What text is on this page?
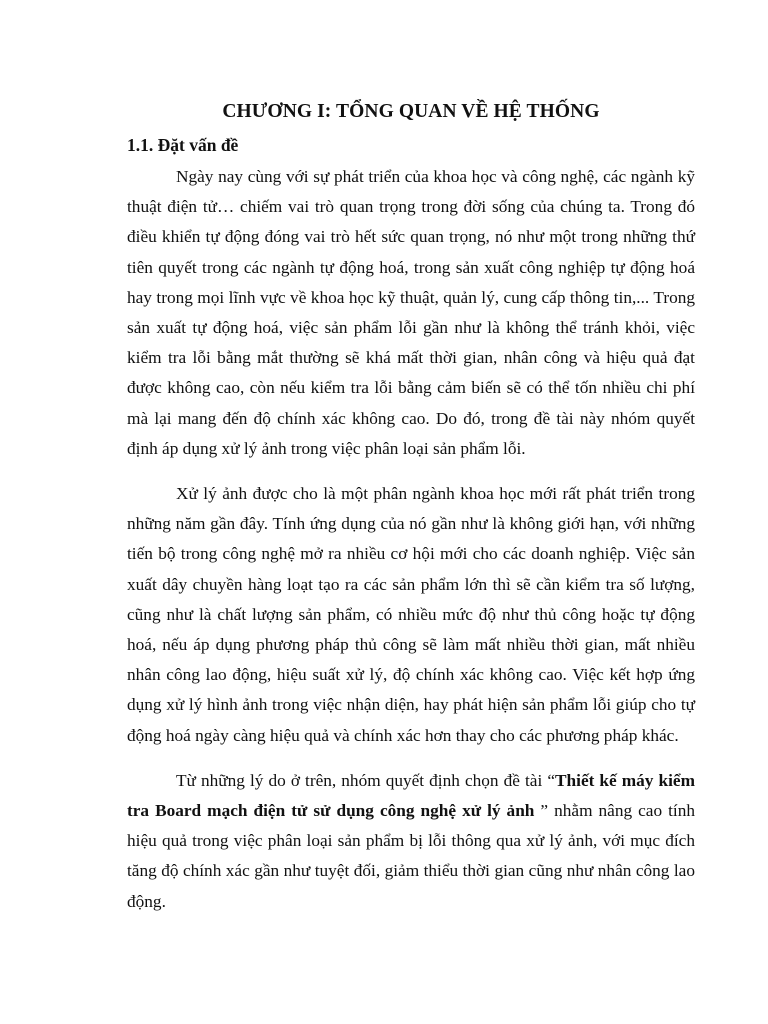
CHƯƠNG I: TỔNG QUAN VỀ HỆ THỐNG
1.1. Đặt vấn đề

Ngày nay cùng với sự phát triển của khoa học và công nghệ, các ngành kỹ thuật điện tử… chiếm vai trò quan trọng trong đời sống của chúng ta. Trong đó điều khiển tự động đóng vai trò hết sức quan trọng, nó như một trong những thứ tiên quyết trong các ngành tự động hoá, trong sản xuất công nghiệp tự động hoá hay trong mọi lĩnh vực về khoa học kỹ thuật, quản lý, cung cấp thông tin,... Trong sản xuất tự động hoá, việc sản phẩm lỗi gần như là không thể tránh khỏi, việc kiểm tra lỗi bằng mắt thường sẽ khá mất thời gian, nhân công và hiệu quả đạt được không cao, còn nếu kiểm tra lỗi bằng cảm biến sẽ có thể tốn nhiều chi phí mà lại mang đến độ chính xác không cao. Do đó, trong đề tài này nhóm quyết định áp dụng xử lý ảnh trong việc phân loại sản phẩm lỗi.

Xử lý ảnh được cho là một phân ngành khoa học mới rất phát triển trong những năm gần đây. Tính ứng dụng của nó gần như là không giới hạn, với những tiến bộ trong công nghệ mở ra nhiều cơ hội mới cho các doanh nghiệp. Việc sản xuất dây chuyền hàng loạt tạo ra các sản phẩm lớn thì sẽ cần kiểm tra số lượng, cũng như là chất lượng sản phẩm, có nhiều mức độ như thủ công hoặc tự động hoá, nếu áp dụng phương pháp thủ công sẽ làm mất nhiều thời gian, mất nhiều nhân công lao động, hiệu suất xử lý, độ chính xác không cao. Việc kết hợp ứng dụng xử lý hình ảnh trong việc nhận diện, hay phát hiện sản phẩm lỗi giúp cho tự động hoá ngày càng hiệu quả và chính xác hơn thay cho các phương pháp khác.

Từ những lý do ở trên, nhóm quyết định chọn đề tài “Thiết kế máy kiểm tra Board mạch điện tử sử dụng công nghệ xử lý ảnh ” nhằm nâng cao tính hiệu quả trong việc phân loại sản phẩm bị lỗi thông qua xử lý ảnh, với mục đích tăng độ chính xác gần như tuyệt đối, giảm thiểu thời gian cũng như nhân công lao động.
